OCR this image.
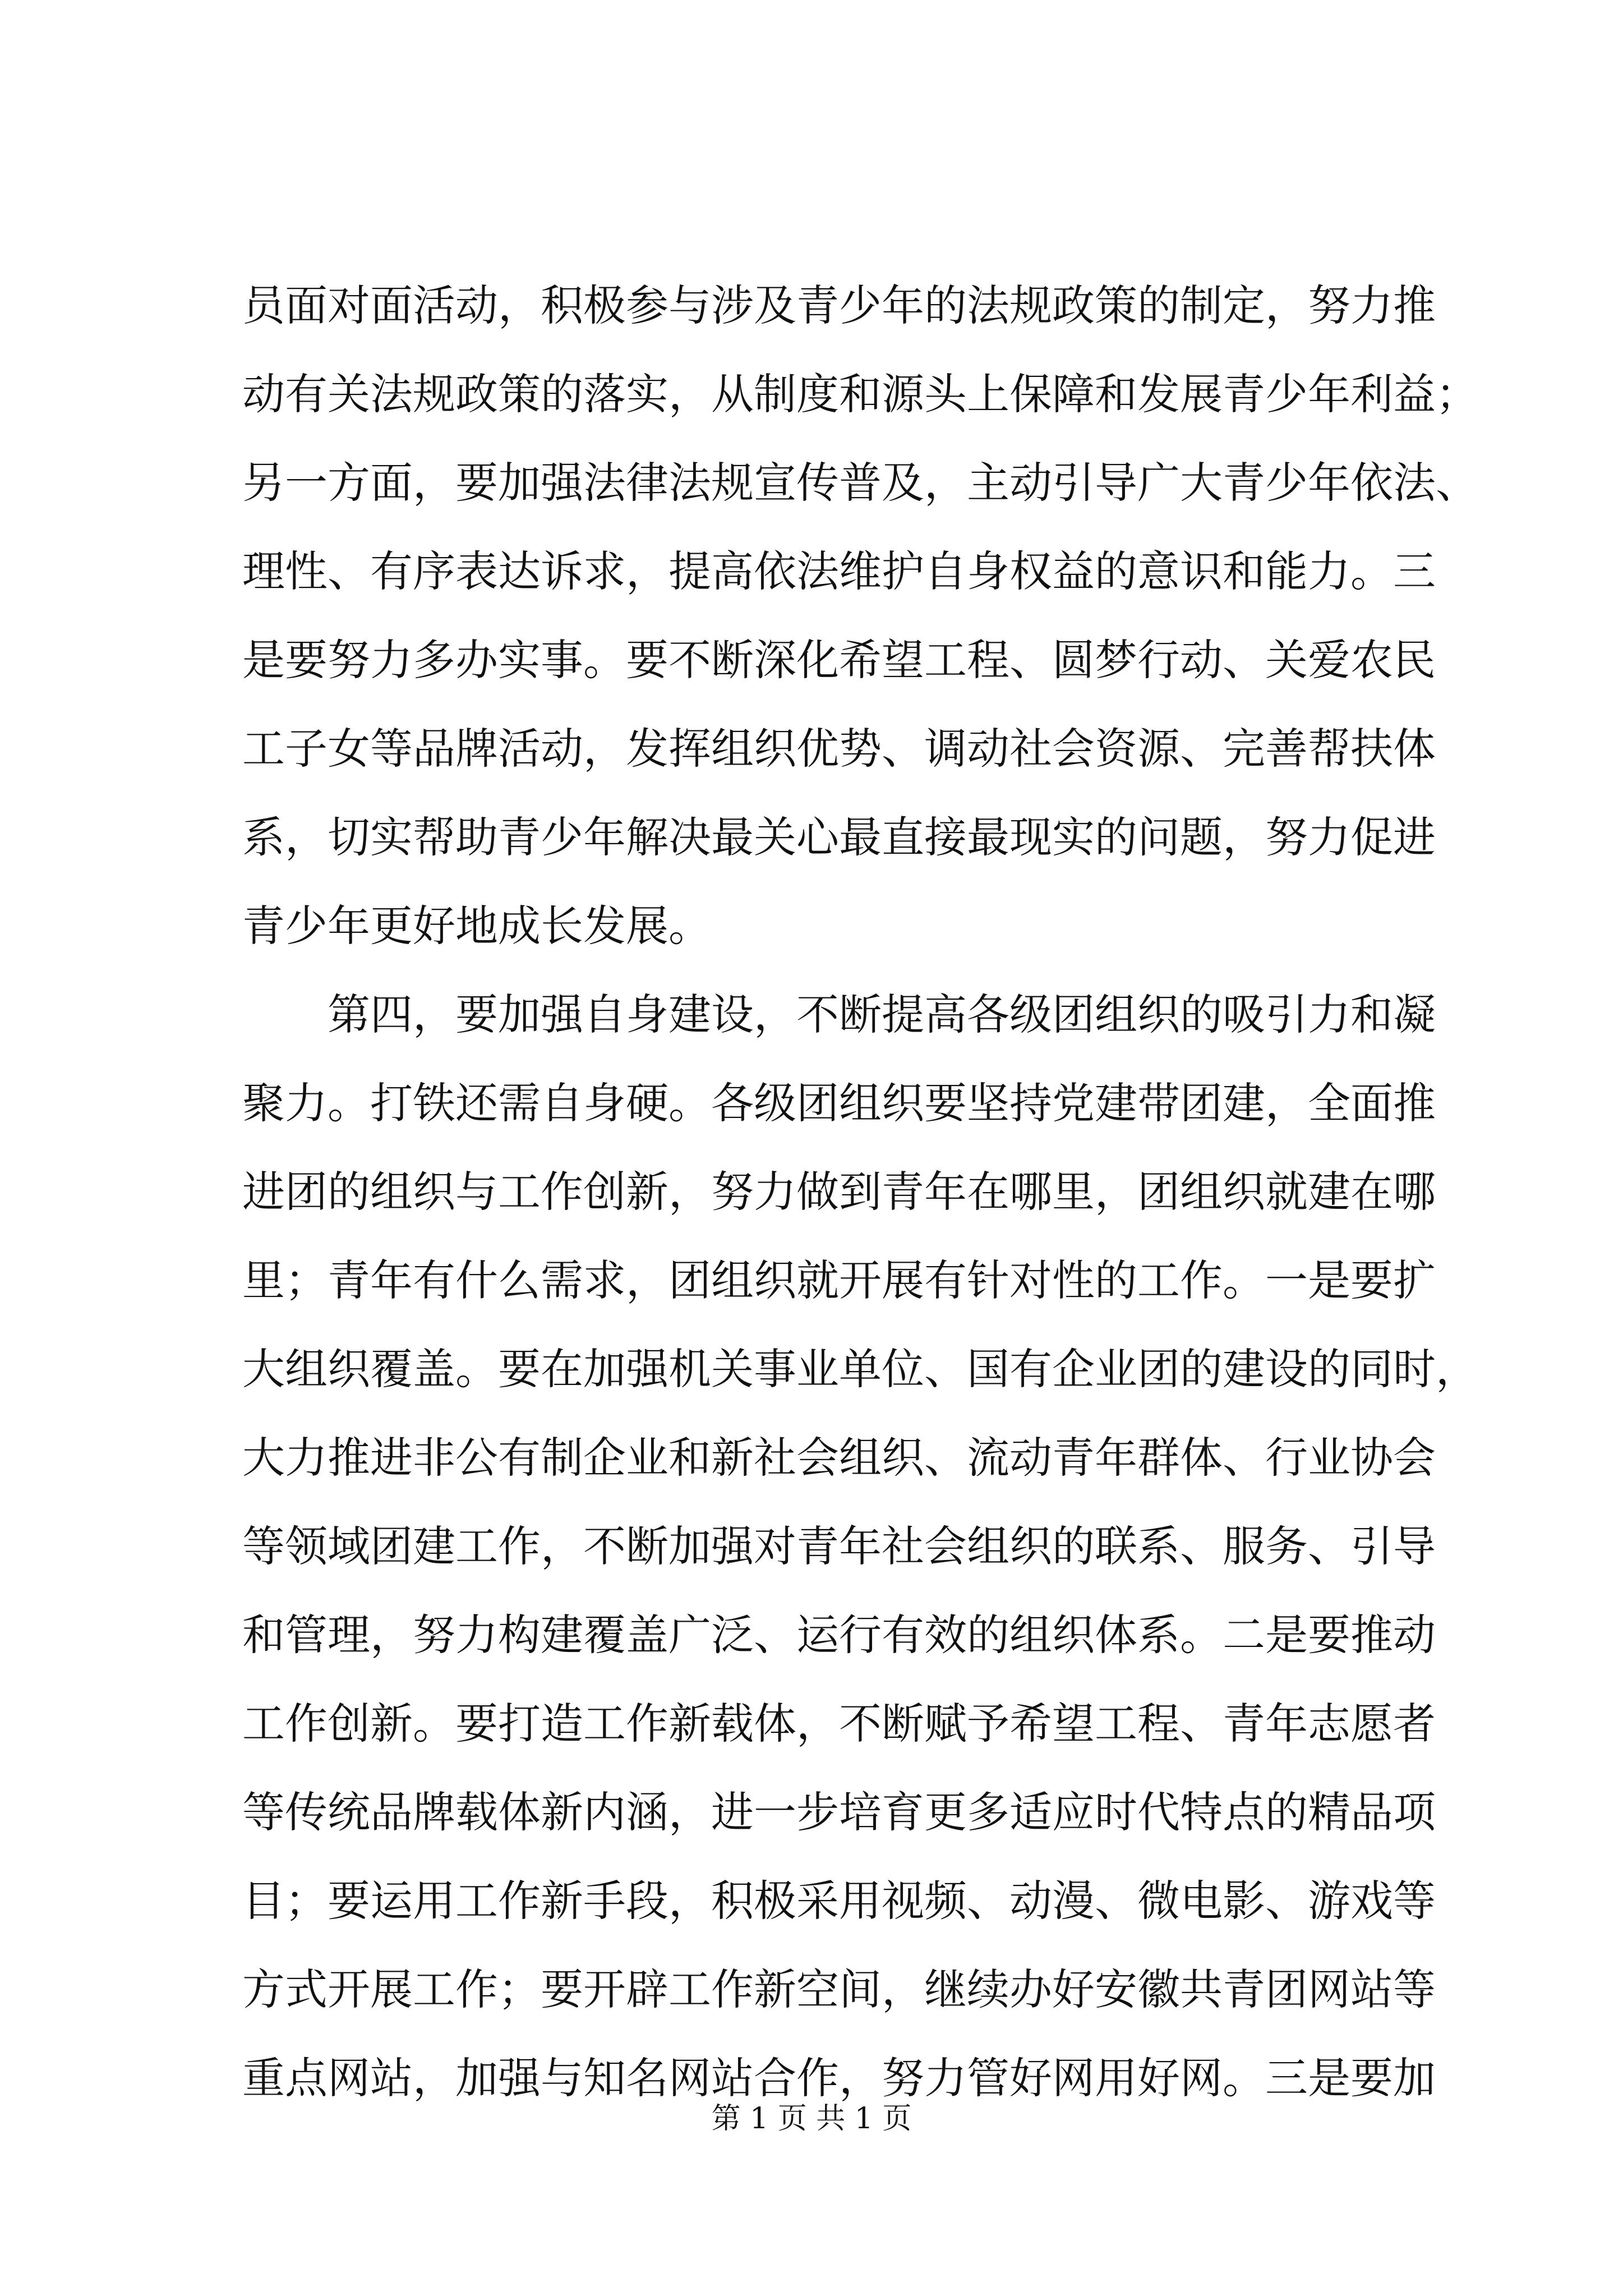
员面对面活动，积极参与涉及青少年的法规政策的制定，努力推
动有关法规政策的落实，从制度和源头上保障和发展青少年利益；
另一方面，要加强法律法规宣传普及，主动引导广大青少年依法、
理性、有序表达诉求，提高依法维护自身权益的意识和能力。三
是要努力多办实事。要不断深化希望工程、圆梦行动、关爱农民
工子女等品牌活动，发挥组织优势、调动社会资源、完善帮扶体
系，切实帮助青少年解决最关心最直接最现实的问题，努力促进
青少年更好地成长发展。
第四，要加强自身建设，不断提高各级团组织的吸引力和凝
聚力。打铁还需自身硬。各级团组织要坚持党建带团建，全面推
进团的组织与工作创新，努力做到青年在哪里，团组织就建在哪
里；青年有什么需求，团组织就开展有针对性的工作。一是要扩
大组织覆盖。要在加强机关事业单位、国有企业团的建设的同时，
大力推进非公有制企业和新社会组织、流动青年群体、行业协会
等领域团建工作，不断加强对青年社会组织的联系、服务、引导
和管理，努力构建覆盖广泛、运行有效的组织体系。二是要推动
工作创新。要打造工作新载体，不断赋予希望工程、青年志愿者
等传统品牌载体新内涵，进一步培育更多适应时代特点的精品项
目；要运用工作新手段，积极采用视频、动漫、微电影、游戏等
方式开展工作；要开辟工作新空间，继续办好安徽共青团网站等
重点网站，加强与知名网站合作，努力管好网用好网。三是要加
第 1 页 共 1 页
